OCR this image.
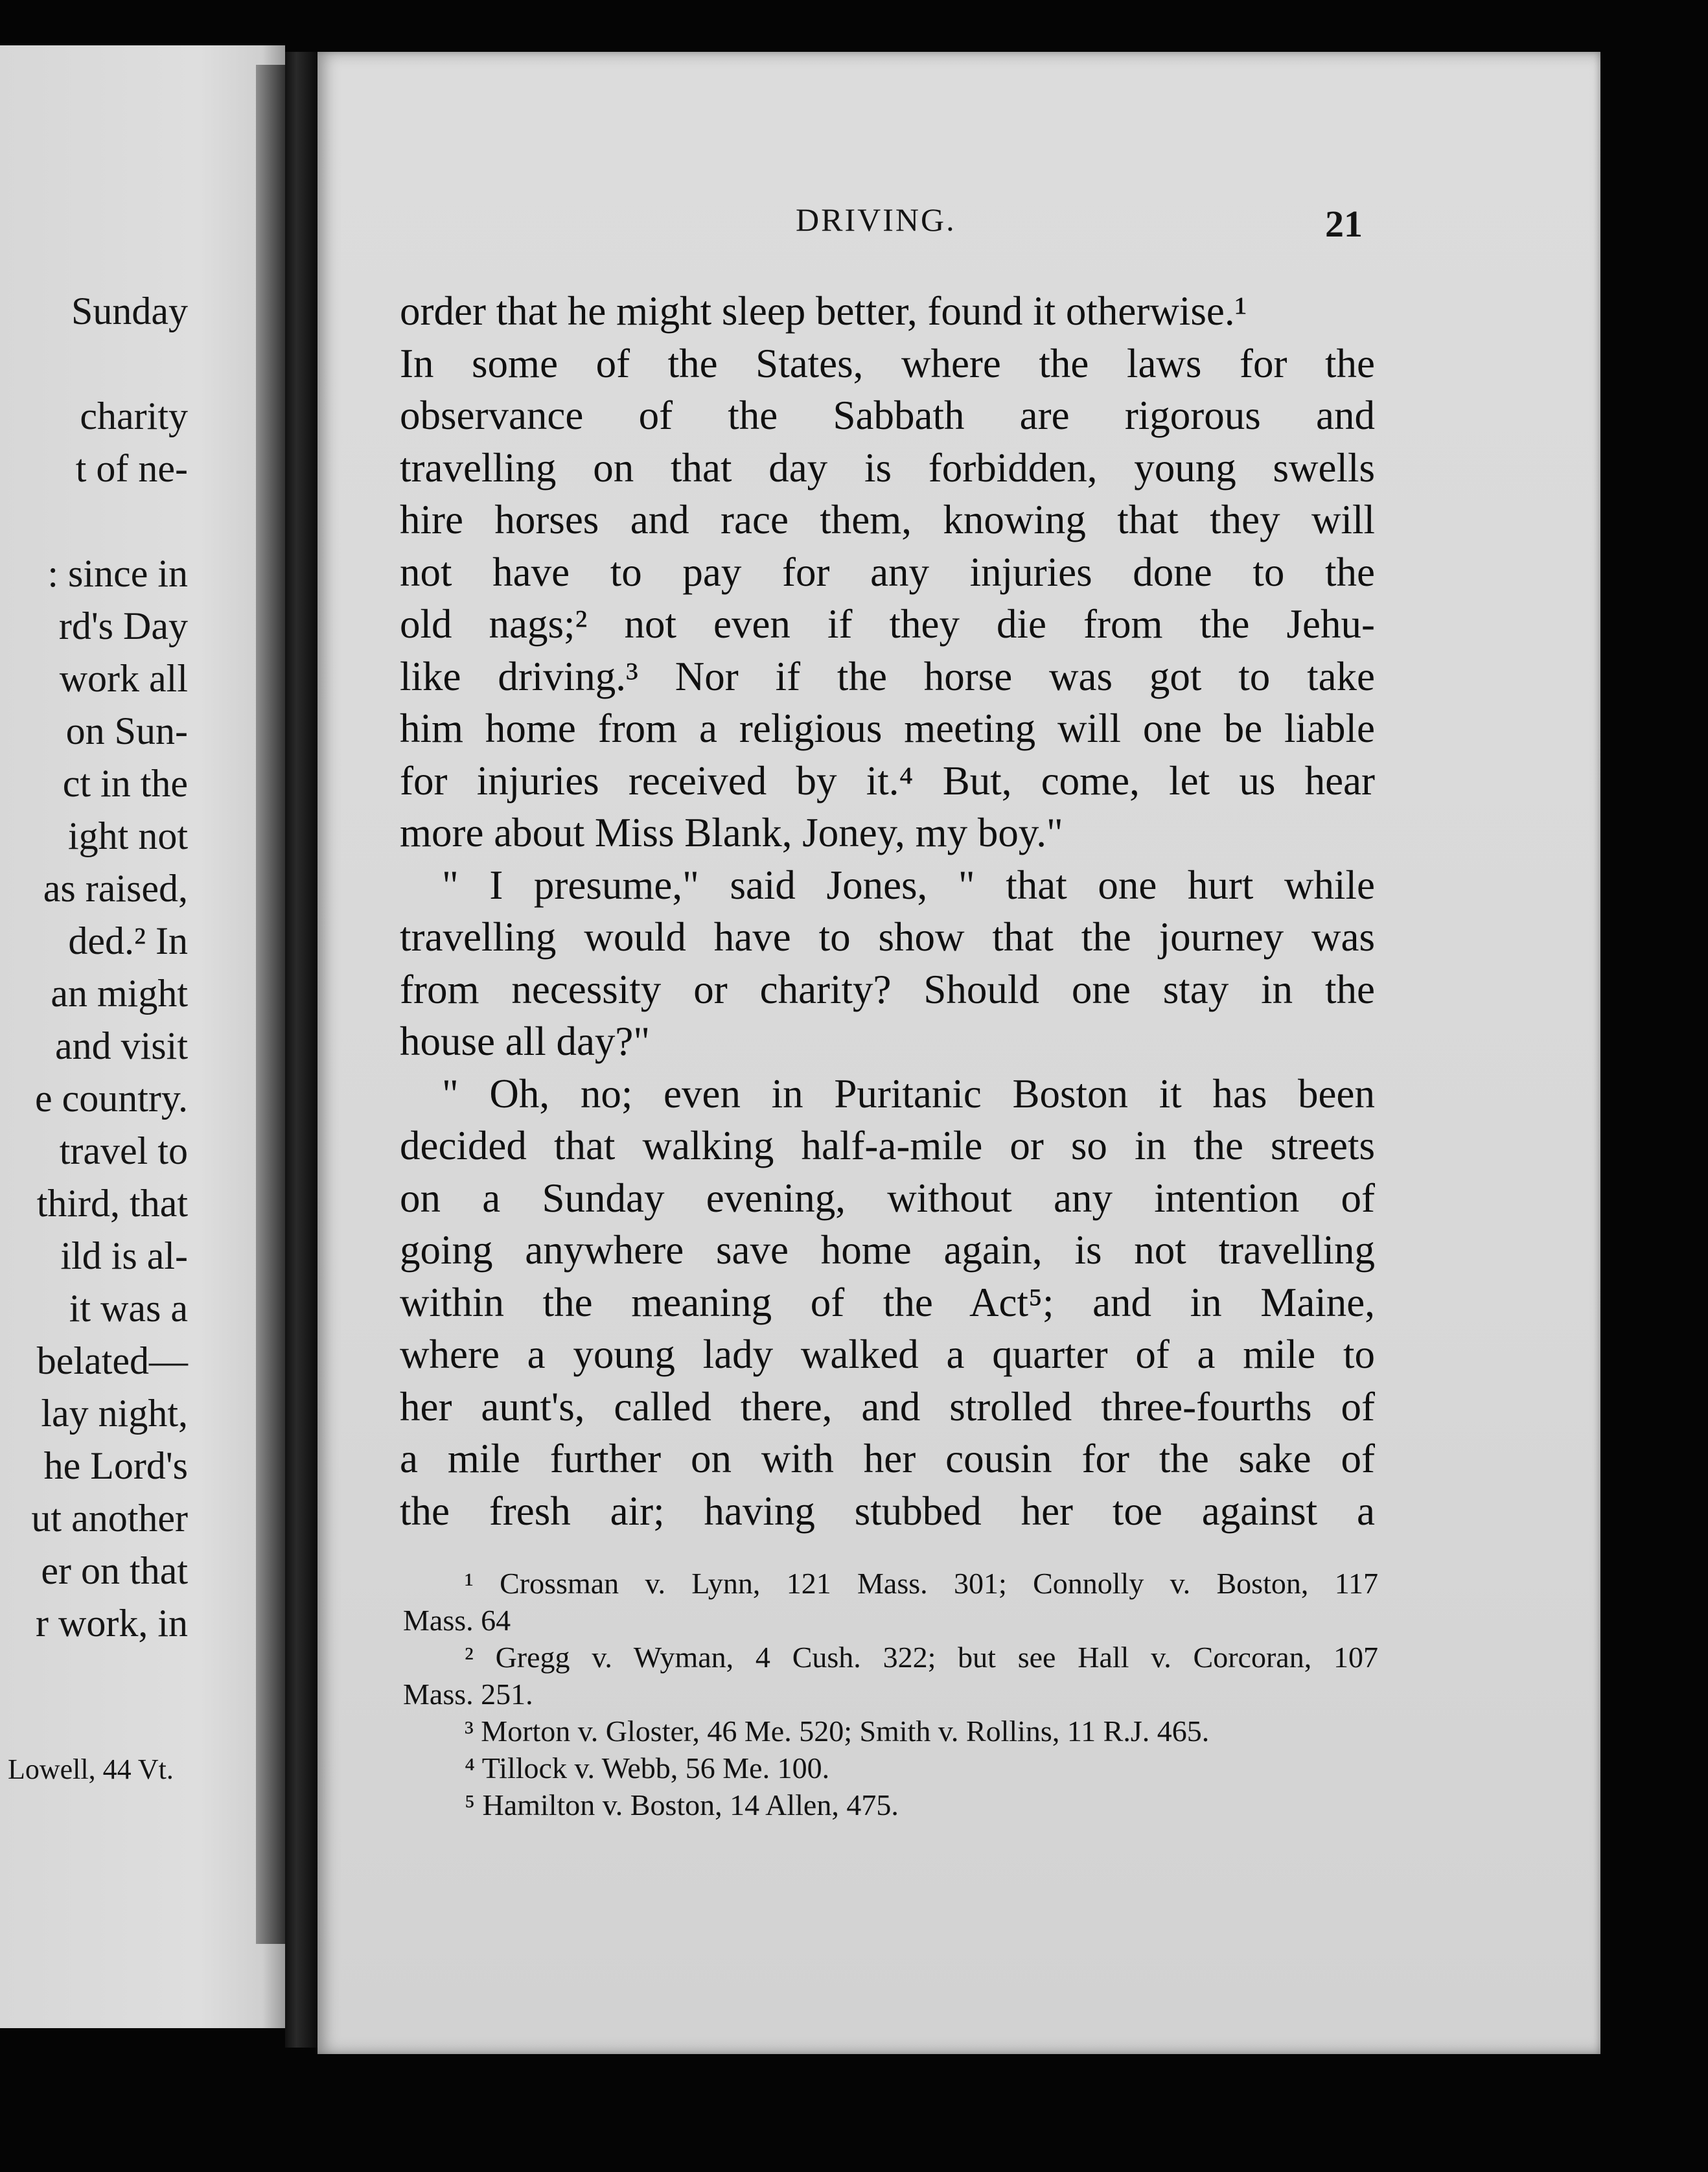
Sunday
charity
t of ne-
: since in
rd's Day
work all
on Sun-
ct in the
ight not
as raised,
ded.² In
an might
and visit
e country.
travel to
third, that
ild is al-
it was a
belated—
lay night,
he Lord's
ut another
er on that
r work, in
Lowell, 44 Vt.
DRIVING.	21
order that he might sleep better, found it otherwise.¹
In some of the States, where the laws for the
observance of the Sabbath are rigorous and
travelling on that day is forbidden, young swells
hire horses and race them, knowing that they will
not have to pay for any injuries done to the
old nags;² not even if they die from the Jehu-
like driving.³ Nor if the horse was got to take
him home from a religious meeting will one be liable
for injuries received by it.⁴ But, come, let us hear
more about Miss Blank, Joney, my boy."
" I presume," said Jones, " that one hurt while
travelling would have to show that the journey was
from necessity or charity? Should one stay in the
house all day?"
" Oh, no; even in Puritanic Boston it has been
decided that walking half-a-mile or so in the streets
on a Sunday evening, without any intention of
going anywhere save home again, is not travelling
within the meaning of the Act⁵; and in Maine,
where a young lady walked a quarter of a mile to
her aunt's, called there, and strolled three-fourths of
a mile further on with her cousin for the sake of
the fresh air; having stubbed her toe against a
¹ Crossman v. Lynn, 121 Mass. 301; Connolly v. Boston, 117
Mass. 64
² Gregg v. Wyman, 4 Cush. 322; but see Hall v. Corcoran, 107
Mass. 251.
³ Morton v. Gloster, 46 Me. 520; Smith v. Rollins, 11 R.J. 465.
⁴ Tillock v. Webb, 56 Me. 100.
⁵ Hamilton v. Boston, 14 Allen, 475.
